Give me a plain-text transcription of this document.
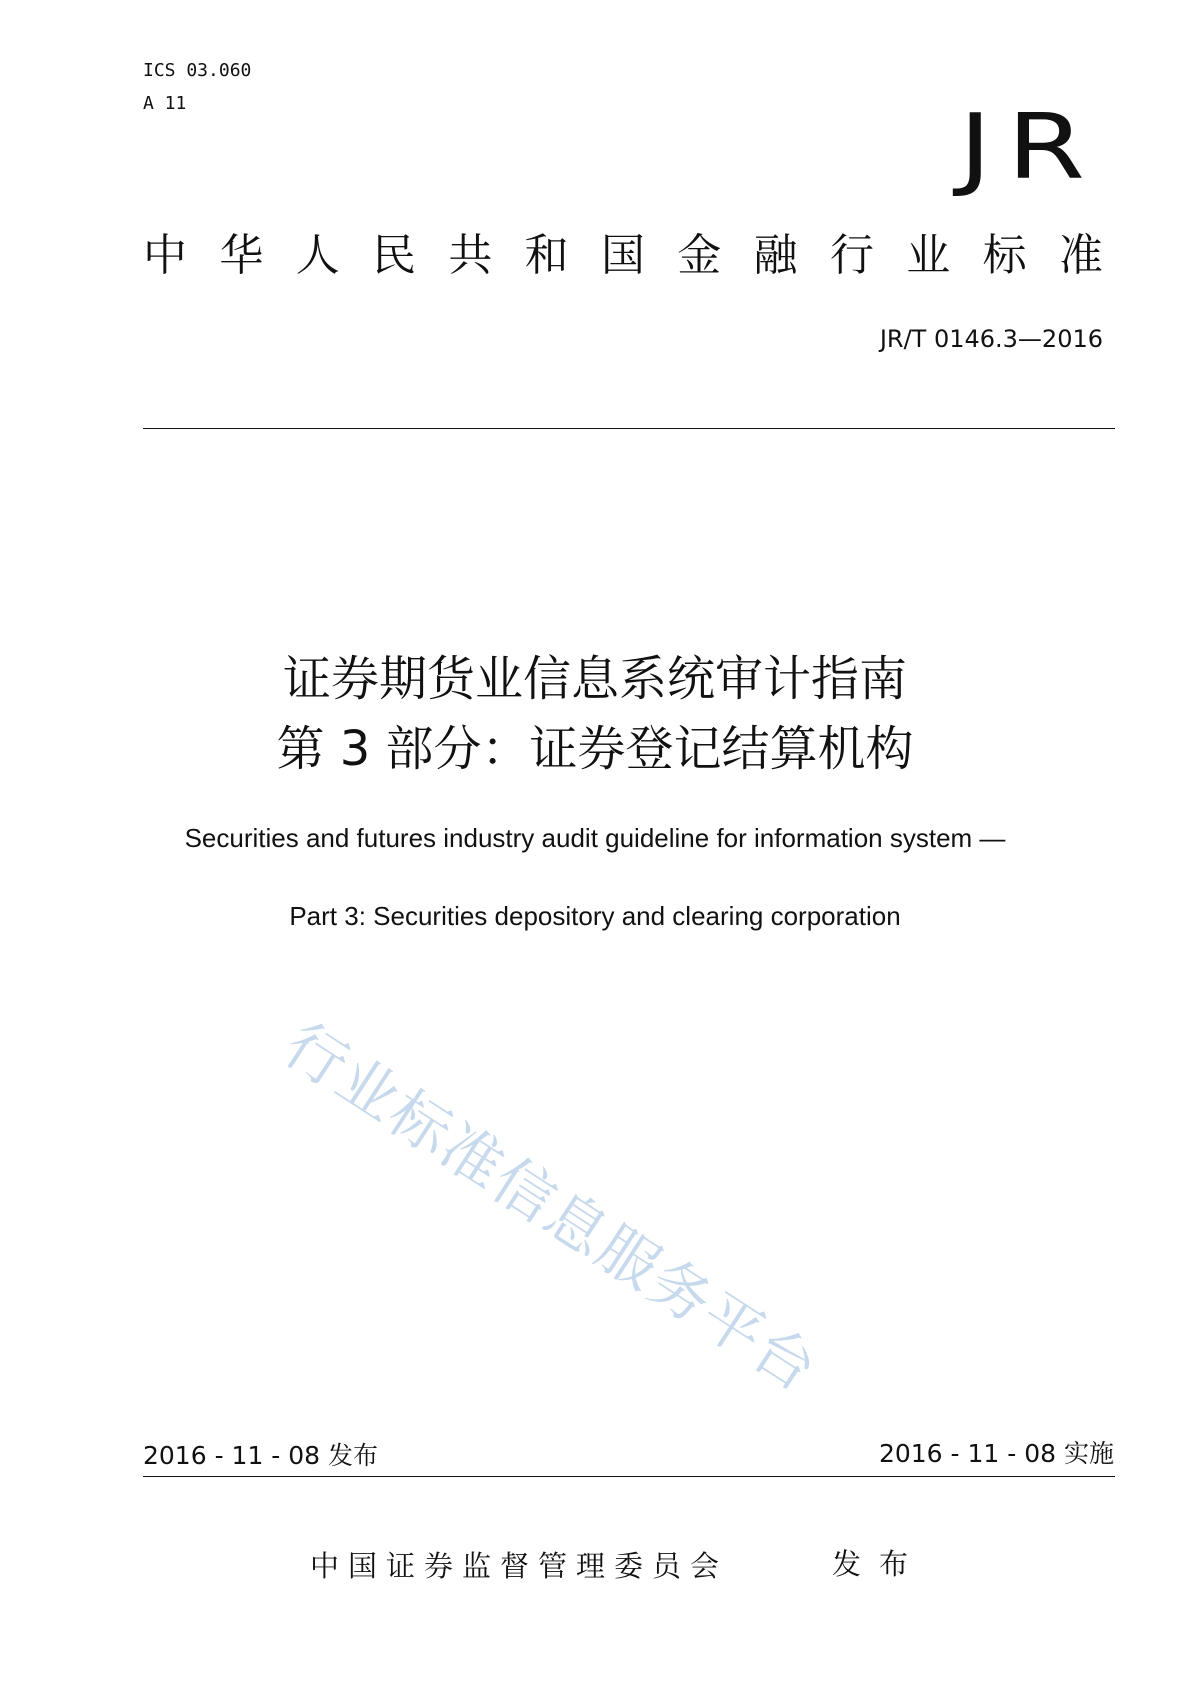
ICS 03.060
A 11	JR
中 华 人 民 共 和 国 金 融 行 业 标 准
JR/T 0146.3—2016
证券期货业信息系统审计指南
第 3 部分：证券登记结算机构
Securities and futures industry audit guideline for information system —
Part 3: Securities depository and clearing corporation
行业标准信息服务平台
2016 - 11 - 08 发布	2016 - 11 - 08 实施
中国证券监督管理委员会	发布
